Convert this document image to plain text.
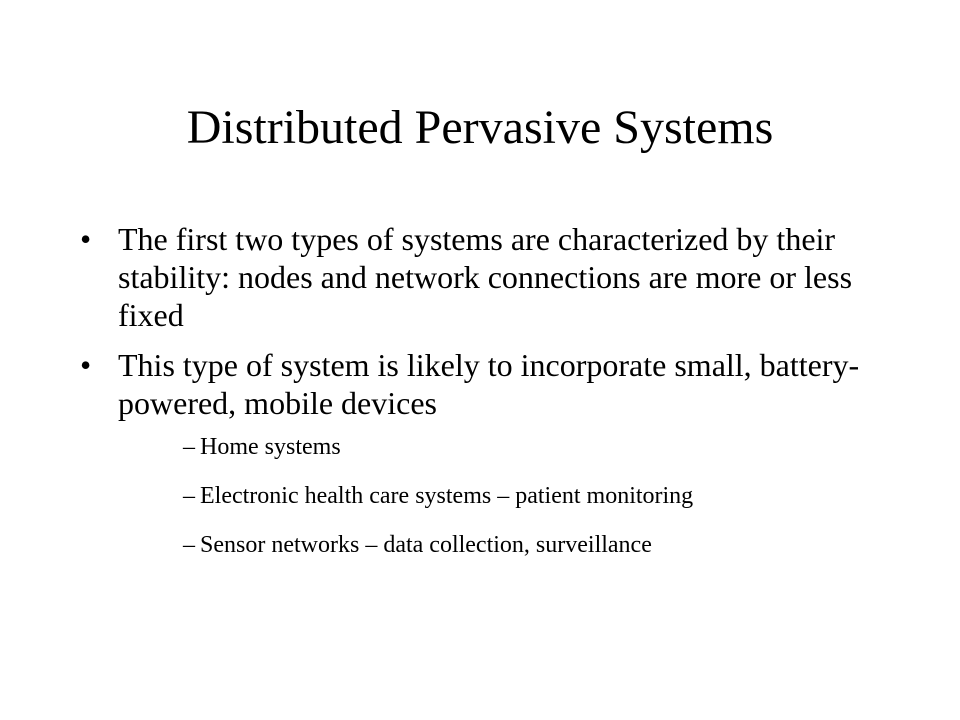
Distributed Pervasive Systems
• The first two types of systems are characterized by their stability: nodes and network connections are more or less fixed
• This type of system is likely to incorporate small, battery-powered, mobile devices
– Home systems
– Electronic health care systems – patient monitoring
– Sensor networks – data collection, surveillance
